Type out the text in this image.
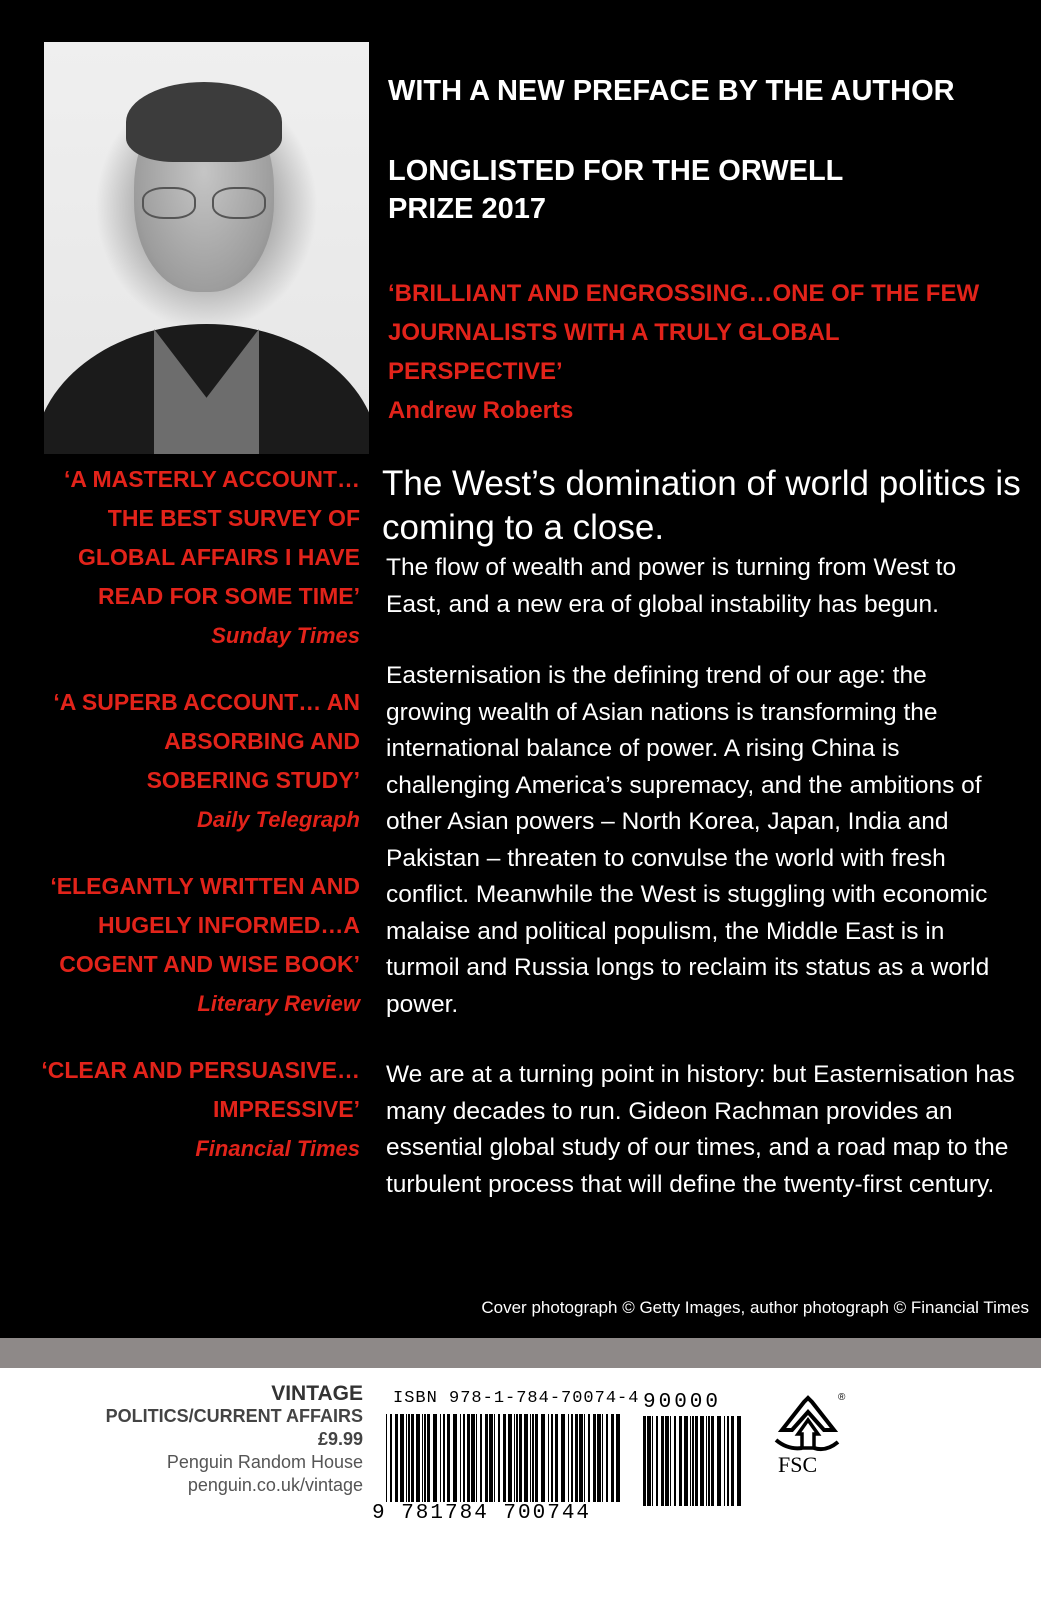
WITH A NEW PREFACE BY THE AUTHOR

LONGLISTED FOR THE ORWELL PRIZE 2017

‘BRILLIANT AND ENGROSSING…ONE OF THE FEW JOURNALISTS WITH A TRULY GLOBAL PERSPECTIVE’
Andrew Roberts
‘A MASTERLY ACCOUNT… THE BEST SURVEY OF GLOBAL AFFAIRS I HAVE READ FOR SOME TIME’
Sunday Times
‘A SUPERB ACCOUNT… AN ABSORBING AND SOBERING STUDY’
Daily Telegraph
‘ELEGANTLY WRITTEN AND HUGELY INFORMED…A COGENT AND WISE BOOK’
Literary Review
‘CLEAR AND PERSUASIVE… IMPRESSIVE’
Financial Times
The West’s domination of world politics is coming to a close.

The flow of wealth and power is turning from West to East, and a new era of global instability has begun.

Easternisation is the defining trend of our age: the growing wealth of Asian nations is transforming the international balance of power. A rising China is challenging America’s supremacy, and the ambitions of other Asian powers – North Korea, Japan, India and Pakistan – threaten to convulse the world with fresh conflict. Meanwhile the West is stuggling with economic malaise and political populism, the Middle East is in turmoil and Russia longs to reclaim its status as a world power.

We are at a turning point in history: but Easternisation has many decades to run. Gideon Rachman provides an essential global study of our times, and a road map to the turbulent process that will define the twenty-first century.

Cover photograph © Getty Images, author photograph © Financial Times
VINTAGE
POLITICS/CURRENT AFFAIRS
£9.99
Penguin Random House
penguin.co.uk/vintage
ISBN 978-1-784-70074-4
9 781784 700744
90000	®
FSC
